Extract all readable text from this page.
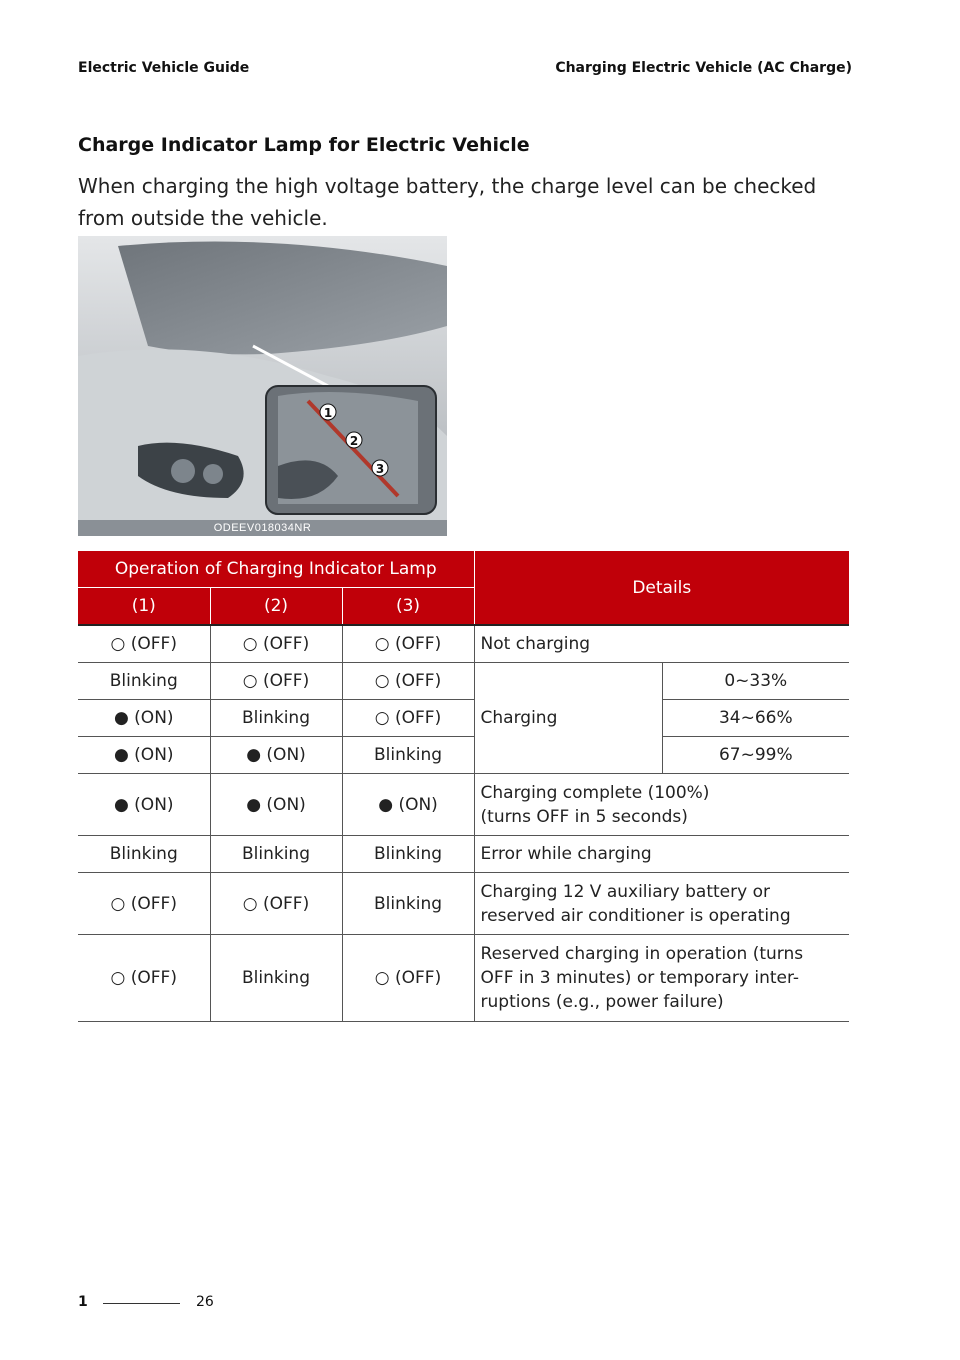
Electric Vehicle Guide	Charging Electric Vehicle (AC Charge)
Charge Indicator Lamp for Electric Vehicle

When charging the high voltage battery, the charge level can be checked from outside the vehicle.

1
2
3
ODEEV018034NR
Operation of Charging Indicator Lamp			Details	
(1)	(2)	(3)		
○ (OFF)	○ (OFF)	○ (OFF)	Not charging	
Blinking	○ (OFF)	○ (OFF)	Charging	0~33%
● (ON)	Blinking	○ (OFF)		34~66%
● (ON)	● (ON)	Blinking		67~99%
● (ON)	● (ON)	● (ON)	Charging complete (100%)
(turns OFF in 5 seconds)	

Blinking	Blinking	Blinking	Error while charging	
○ (OFF)	○ (OFF)	Blinking	Charging 12 V auxiliary battery or
reserved air conditioner is operating	

○ (OFF)	Blinking	○ (OFF)	Reserved charging in operation (turns
OFF in 3 minutes) or temporary inter-
ruptions (e.g., power failure)	
1	26
